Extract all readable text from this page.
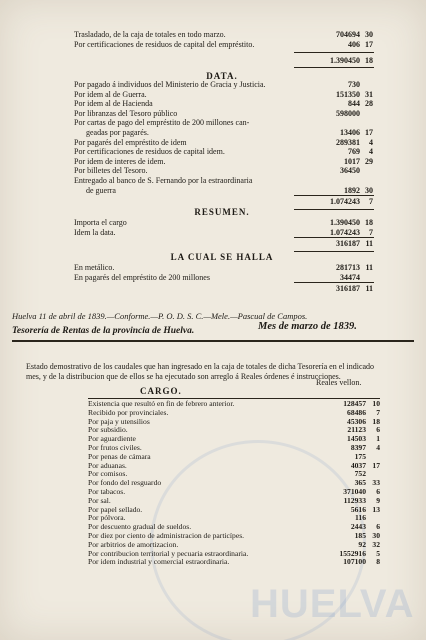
HUELVA
Trasladado, de la caja de totales en todo marzo.	704694 30
Por certificaciones de residuos de capital del empréstito.	406 17
1.390450 18
DATA.
Por pagado á individuos del Ministerio de Gracia y Justicia.	730
Por idem al de Guerra.	151350 31
Por idem al de Hacienda	844 28
Por libranzas del Tesoro público	598000
Por cartas de pago del empréstito de 200 millones can-
geadas por pagarés.	13406 17
Por pagarés del empréstito de idem	289381	4
Por certificaciones de residuos de capital idem.	769	4
Por idem de interes de idem.	1017 29
Por billetes del Tesoro.	36450
Entregado al banco de S. Fernando por la estraordinaria
de guerra	1892 30
1.074243	7
RESUMEN.
Importa el cargo	1.390450 18
Idem la data.	1.074243	7
316187 11
LA CUAL SE HALLA
En metálico.	281713 11
En pagarés del empréstito de 200 millones	34474
316187 11
Huelva 11 de abril de 1839.—Conforme.—P. O. D. S. C.—Mele.—Pascual de Campos.
Tesorería de Rentas de la provincia de Huelva.	Mes de marzo de 1839.
Estado demostrativo de los caudales que han ingresado en la caja de totales de dicha Tesorería en el indicado mes, y de la distribucion que de ellos se ha ejecutado son arreglo á Reales órdenes é instrucciones.
CARGO.
Reales vellon.
Existencia que resultó en fin de febrero anterior.	128457 10
Recibido por provinciales.	68486	7
Por paja y utensilios	45306 18
Por subsidio.	21123	6
Por aguardiente	14503	1
Por frutos civiles.	8397	4
Por penas de cámara	175
Por aduanas.	4037 17
Por comisos.	752
Por fondo del resguardo	365 33
Por tabacos.	371040	6
Por sal.	112933	9
Por papel sellado.	5616 13
Por pólvora.	116
Por descuento gradual de sueldos.	2443	6
Por diez por ciento de administracion de particípes.	185 30
Por arbitrios de amortizacion.	92 32
Por contribucion territorial y pecuaria estraordinaria.	1552916	5
Por idem industrial y comercial estraordinaria.	107100	8
